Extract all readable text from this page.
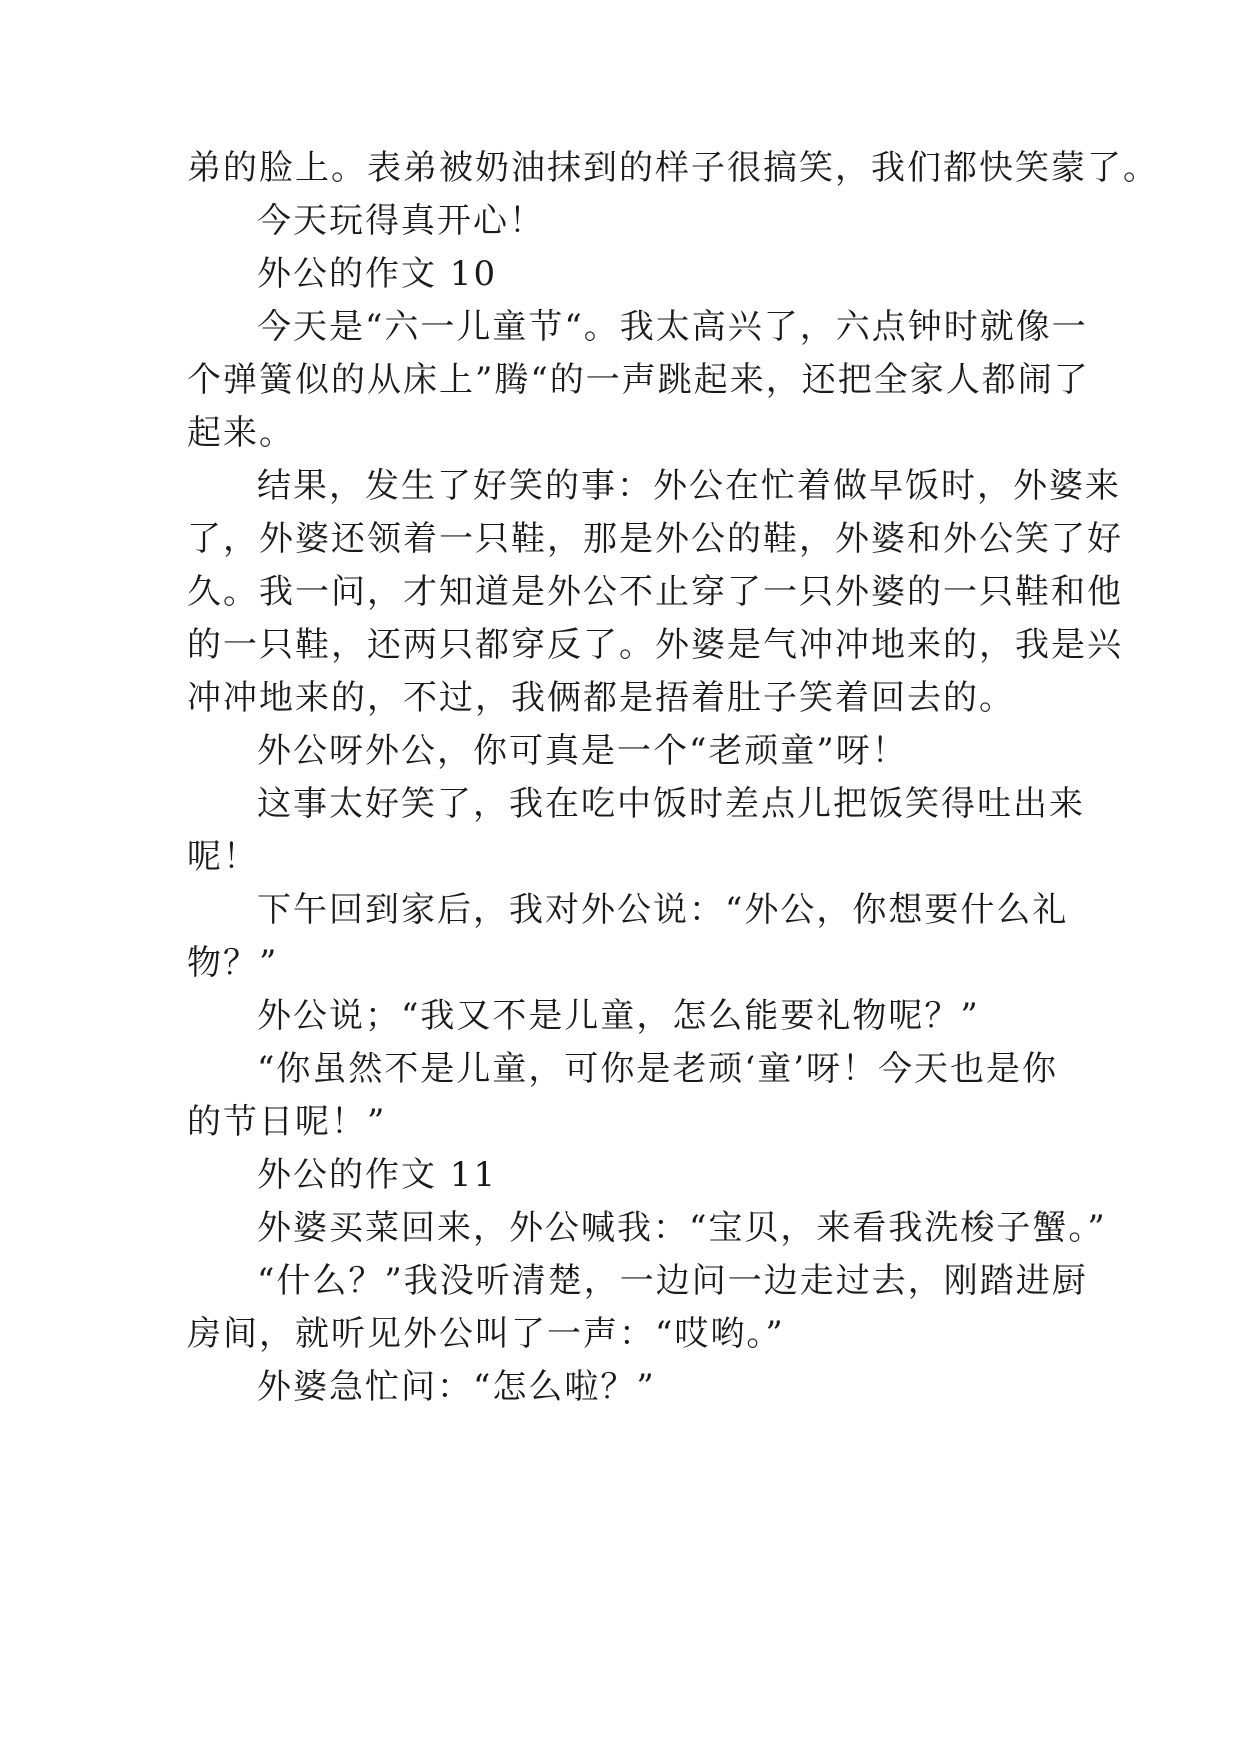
弟的脸上。表弟被奶油抹到的样子很搞笑，我们都快笑蒙了。
今天玩得真开心！
外公的作文 10
今天是“六一儿童节“。我太高兴了，六点钟时就像一
个弹簧似的从床上”腾“的一声跳起来，还把全家人都闹了
起来。
结果，发生了好笑的事：外公在忙着做早饭时，外婆来
了，外婆还领着一只鞋，那是外公的鞋，外婆和外公笑了好
久。我一问，才知道是外公不止穿了一只外婆的一只鞋和他
的一只鞋，还两只都穿反了。外婆是气冲冲地来的，我是兴
冲冲地来的，不过，我俩都是捂着肚子笑着回去的。
外公呀外公，你可真是一个“老顽童”呀！
这事太好笑了，我在吃中饭时差点儿把饭笑得吐出来
呢！
下午回到家后，我对外公说：“外公，你想要什么礼
物？”
外公说；“我又不是儿童，怎么能要礼物呢？”
“你虽然不是儿童，可你是老顽‘童’呀！今天也是你
的节日呢！”
外公的作文 11
外婆买菜回来，外公喊我：“宝贝，来看我洗梭子蟹。”
“什么？”我没听清楚，一边问一边走过去，刚踏进厨
房间，就听见外公叫了一声：“哎哟。”
外婆急忙问：“怎么啦？”
